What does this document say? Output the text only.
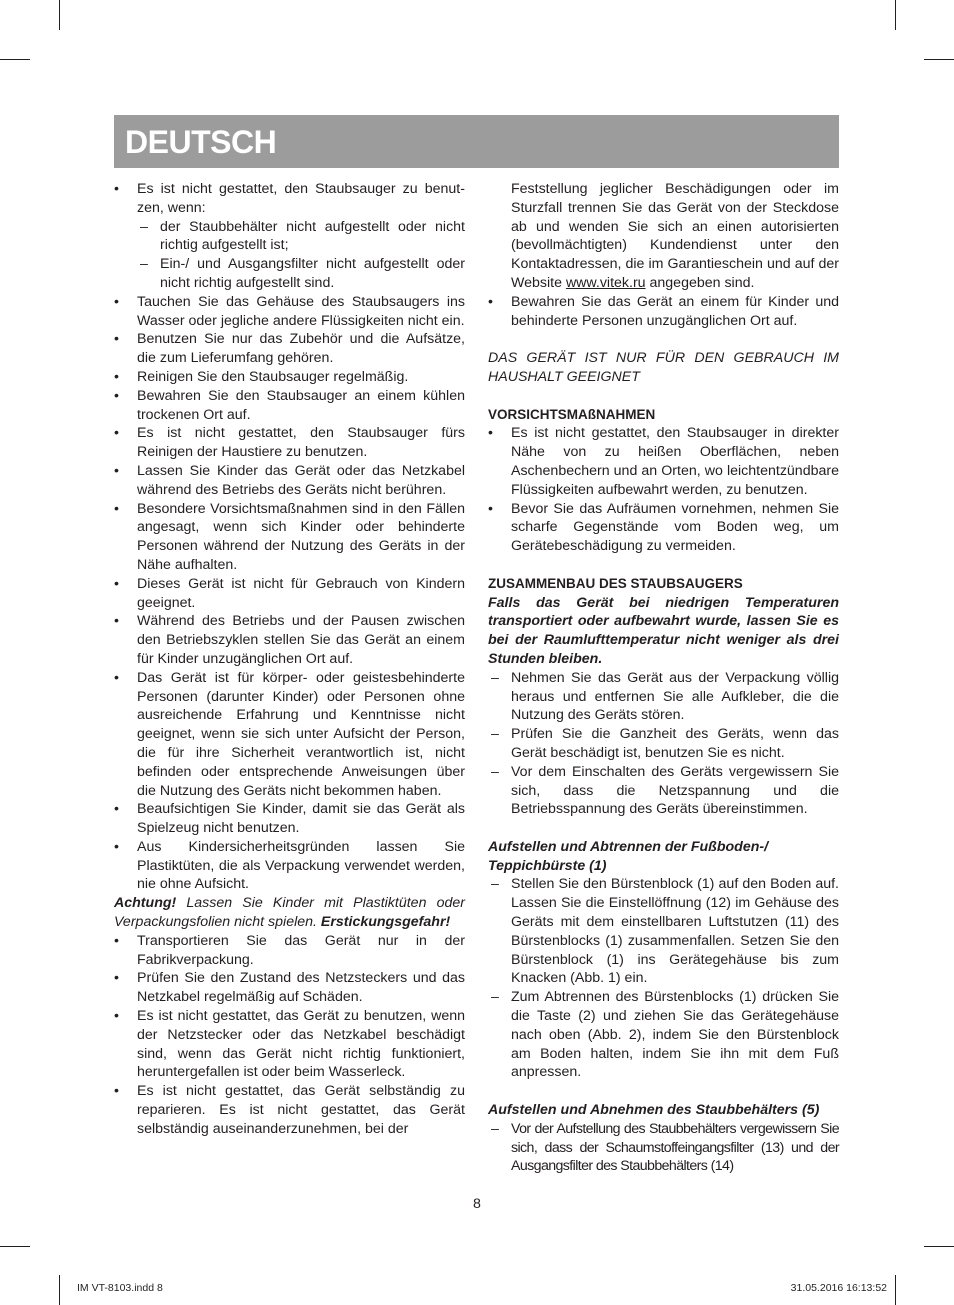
DEUTSCH
• Es ist nicht gestattet, den Staubsauger zu benutzen, wenn:
– der Staubbehälter nicht aufgestellt oder nicht richtig aufgestellt ist;
– Ein-/ und Ausgangsfilter nicht aufgestellt oder nicht richtig aufgestellt sind.
• Tauchen Sie das Gehäuse des Staubsaugers ins Wasser oder jegliche andere Flüssigkeiten nicht ein.
• Benutzen Sie nur das Zubehör und die Aufsätze, die zum Lieferumfang gehören.
• Reinigen Sie den Staubsauger regelmäßig.
• Bewahren Sie den Staubsauger an einem kühlen trockenen Ort auf.
• Es ist nicht gestattet, den Staubsauger fürs Reinigen der Haustiere zu benutzen.
• Lassen Sie Kinder das Gerät oder das Netzkabel während des Betriebs des Geräts nicht berühren.
• Besondere Vorsichtsmaßnahmen sind in den Fällen angesagt, wenn sich Kinder oder behinderte Personen während der Nutzung des Geräts in der Nähe aufhalten.
• Dieses Gerät ist nicht für Gebrauch von Kindern geeignet.
• Während des Betriebs und der Pausen zwischen den Betriebszyklen stellen Sie das Gerät an einem für Kinder unzugänglichen Ort auf.
• Das Gerät ist für körper- oder geistesbehinderte Personen (darunter Kinder) oder Personen ohne ausreichende Erfahrung und Kenntnisse nicht geeignet, wenn sie sich unter Aufsicht der Person, die für ihre Sicherheit verantwortlich ist, nicht befinden oder entsprechende Anweisungen über die Nutzung des Geräts nicht bekommen haben.
• Beaufsichtigen Sie Kinder, damit sie das Gerät als Spielzeug nicht benutzen.
• Aus Kindersicherheitsgründen lassen Sie Plastiktüten, die als Verpackung verwendet werden, nie ohne Aufsicht.
Achtung! Lassen Sie Kinder mit Plastiktüten oder Verpackungsfolien nicht spielen. Erstickungsgefahr!
• Transportieren Sie das Gerät nur in der Fabrikverpackung.
• Prüfen Sie den Zustand des Netzsteckers und das Netzkabel regelmäßig auf Schäden.
• Es ist nicht gestattet, das Gerät zu benutzen, wenn der Netzstecker oder das Netzkabel beschädigt sind, wenn das Gerät nicht richtig funktioniert, heruntergefallen ist oder beim Wasserleck.
• Es ist nicht gestattet, das Gerät selbständig zu reparieren. Es ist nicht gestattet, das Gerät selbständig auseinanderzunehmen, bei der
Feststellung jeglicher Beschädigungen oder im Sturzfall trennen Sie das Gerät von der Steckdose ab und wenden Sie sich an einen autorisierten (bevollmächtigten) Kundendienst unter den Kontaktadressen, die im Garantieschein und auf der Website www.vitek.ru angegeben sind.
• Bewahren Sie das Gerät an einem für Kinder und behinderte Personen unzugänglichen Ort auf.
DAS GERÄT IST NUR FÜR DEN GEBRAUCH IM HAUSHALT GEEIGNET
VORSICHTSMAßNAHMEN
• Es ist nicht gestattet, den Staubsauger in direkter Nähe von zu heißen Oberflächen, neben Aschenbechern und an Orten, wo leichtentzündbare Flüssigkeiten aufbewahrt werden, zu benutzen.
• Bevor Sie das Aufräumen vornehmen, nehmen Sie scharfe Gegenstände vom Boden weg, um Gerätebeschädigung zu vermeiden.
ZUSAMMENBAU DES STAUBSAUGERS
Falls das Gerät bei niedrigen Temperaturen transportiert oder aufbewahrt wurde, lassen Sie es bei der Raumlufttemperatur nicht weniger als drei Stunden bleiben.
– Nehmen Sie das Gerät aus der Verpackung völlig heraus und entfernen Sie alle Aufkleber, die die Nutzung des Geräts stören.
– Prüfen Sie die Ganzheit des Geräts, wenn das Gerät beschädigt ist, benutzen Sie es nicht.
– Vor dem Einschalten des Geräts vergewissern Sie sich, dass die Netzspannung und die Betriebsspannung des Geräts übereinstimmen.
Aufstellen und Abtrennen der Fußboden-/ Teppichbürste (1)
– Stellen Sie den Bürstenblock (1) auf den Boden auf. Lassen Sie die Einstellöffnung (12) im Gehäuse des Geräts mit dem einstellbaren Luftstutzen (11) des Bürstenblocks (1) zusammenfallen. Setzen Sie den Bürstenblock (1) ins Gerätegehäuse bis zum Knacken (Abb. 1) ein.
– Zum Abtrennen des Bürstenblocks (1) drücken Sie die Taste (2) und ziehen Sie das Gerätegehäuse nach oben (Abb. 2), indem Sie den Bürstenblock am Boden halten, indem Sie ihn mit dem Fuß anpressen.
Aufstellen und Abnehmen des Staubbehälters (5)
– Vor der Aufstellung des Staubbehälters vergewissern Sie sich, dass der Schaumstoffeingangsfilter (13) und der Ausgangsfilter des Staubbehälters (14)
8
IM VT-8103.indd 8	31.05.2016 16:13:52
